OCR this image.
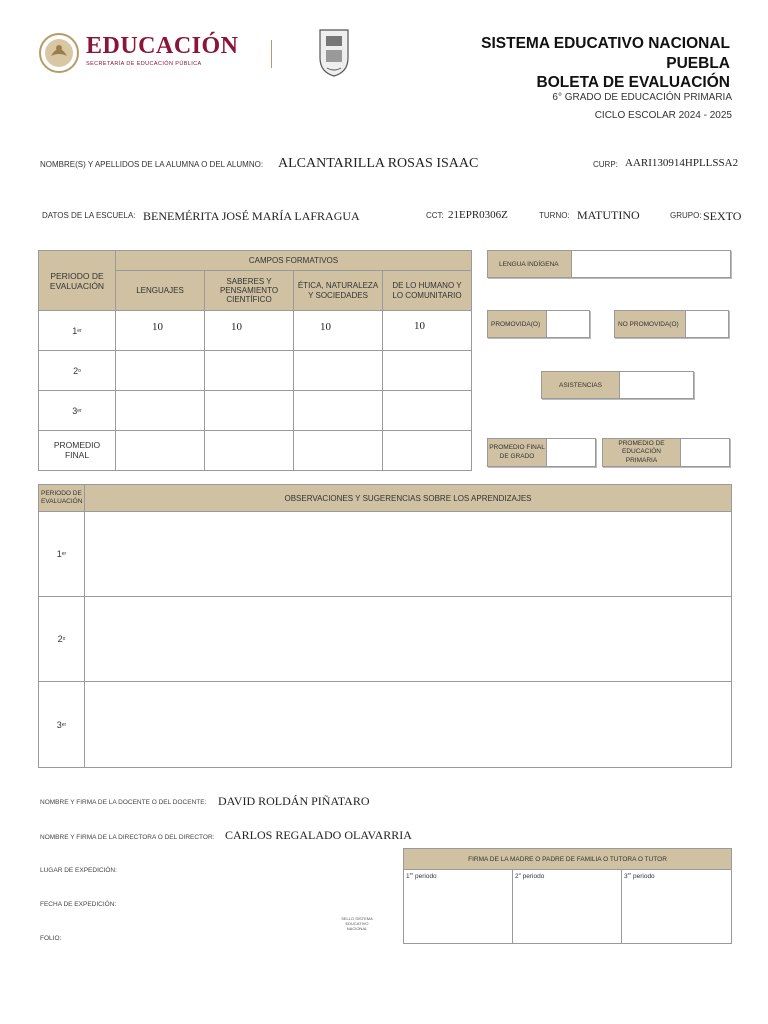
EDUCACIÓN
SECRETARÍA DE EDUCACIÓN PÚBLICA
SISTEMA EDUCATIVO NACIONAL
PUEBLA
BOLETA DE EVALUACIÓN
6° GRADO DE EDUCACIÓN PRIMARIA
CICLO ESCOLAR 2024 - 2025
NOMBRE(S) Y APELLIDOS DE LA ALUMNA O DEL ALUMNO: ALCANTARILLA ROSAS ISAAC	CURP: AARI130914HPLLSSA2
DATOS DE LA ESCUELA: BENEMÉRITA JOSÉ MARÍA LAFRAGUA	CCT: 21EPR0306Z	TURNO: MATUTINO	GRUPO: SEXTO
PERIODO DE EVALUACIÓN
CAMPOS FORMATIVOS
LENGUAJES
SABERES Y PENSAMIENTO CIENTÍFICO
ÉTICA, NATURALEZA Y SOCIEDADES
DE LO HUMANO Y LO COMUNITARIO
1 er	10	10	10	10
2 o
3 er
PROMEDIO FINAL
LENGUA INDÍGENA
PROMOVIDA(O)	NO PROMOVIDA(O)
ASISTENCIAS
PROMEDIO FINAL DE GRADO
PROMEDIO DE EDUCACIÓN PRIMARIA
PERIODO DE EVALUACIÓN	OBSERVACIONES Y SUGERENCIAS SOBRE LOS APRENDIZAJES
1 er
2 o
3 er
NOMBRE Y FIRMA DE LA DOCENTE O DEL DOCENTE: DAVID ROLDÁN PIÑATARO
NOMBRE Y FIRMA DE LA DIRECTORA O DEL DIRECTOR: CARLOS REGALADO OLAVARRIA
LUGAR DE EXPEDICIÓN:
FECHA DE EXPEDICIÓN:
FOLIO:
SELLO SISTEMA EDUCATIVO NACIONAL
FIRMA DE LA MADRE O PADRE DE FAMILIA O TUTORA O TUTOR
1er periodo	2$^o$ periodo	3er periodo
